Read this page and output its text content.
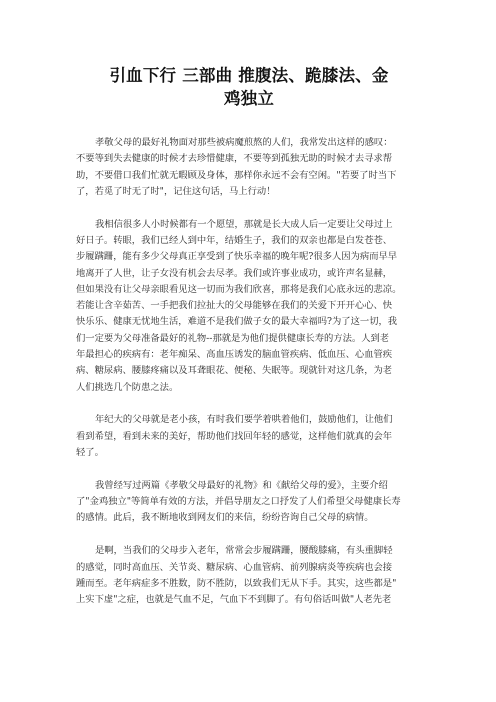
引血下行 三部曲 推腹法、跪膝法、金
鸡独立

孝敬父母的最好礼物面对那些被病魔煎熬的人们，我常发出这样的感叹：
不要等到失去健康的时候才去珍惜健康，不要等到孤独无助的时候才去寻求帮
助，不要借口我们忙就无暇顾及身体，那样你永远不会有空闲。"若要了时当下
了，若觅了时无了时"，记住这句话，马上行动！

我相信很多人小时候都有一个愿望，那就是长大成人后一定要让父母过上
好日子。转眼，我们已经人到中年，结婚生子，我们的双亲也都是白发苍苍、
步履蹒跚，能有多少父母真正享受到了快乐幸福的晚年呢?很多人因为病而早早
地离开了人世，让子女没有机会去尽孝。我们或许事业成功，或许声名显赫，
但如果没有让父母亲眼看见这一切而为我们欣喜，那将是我们心底永远的悲凉。
若能让含辛茹苦、一手把我们拉扯大的父母能够在我们的关爱下开开心心、快
快乐乐、健康无忧地生活，难道不是我们做子女的最大幸福吗?为了这一切，我
们一定要为父母准备最好的礼物--那就是为他们提供健康长寿的方法。人到老
年最担心的疾病有：老年痴呆、高血压诱发的脑血管疾病、低血压、心血管疾
病、糖尿病、腰膝疼痛以及耳聋眼花、便秘、失眠等。现就针对这几条，为老
人们挑选几个防患之法。

年纪大的父母就是老小孩，有时我们要学着哄着他们，鼓励他们，让他们
看到希望，看到未来的美好，帮助他们找回年轻的感觉，这样他们就真的会年
轻了。

我曾经写过两篇《孝敬父母最好的礼物》和《献给父母的爱》，主要介绍
了"金鸡独立"等简单有效的方法，并倡导朋友之口抒发了人们希望父母健康长寿
的感情。此后，我不断地收到网友们的来信，纷纷咨询自己父母的病情。

是啊，当我们的父母步入老年，常常会步履蹒跚，腰酸膝痛，有头重脚轻
的感觉，同时高血压、关节炎、糖尿病、心血管病、前列腺病炎等疾病也会接
踵而至。老年病症多不胜数，防不胜防，以致我们无从下手。其实，这些都是"
上实下虚"之症，也就是气血不足，气血下不到脚了。有句俗话叫做"人老先老
